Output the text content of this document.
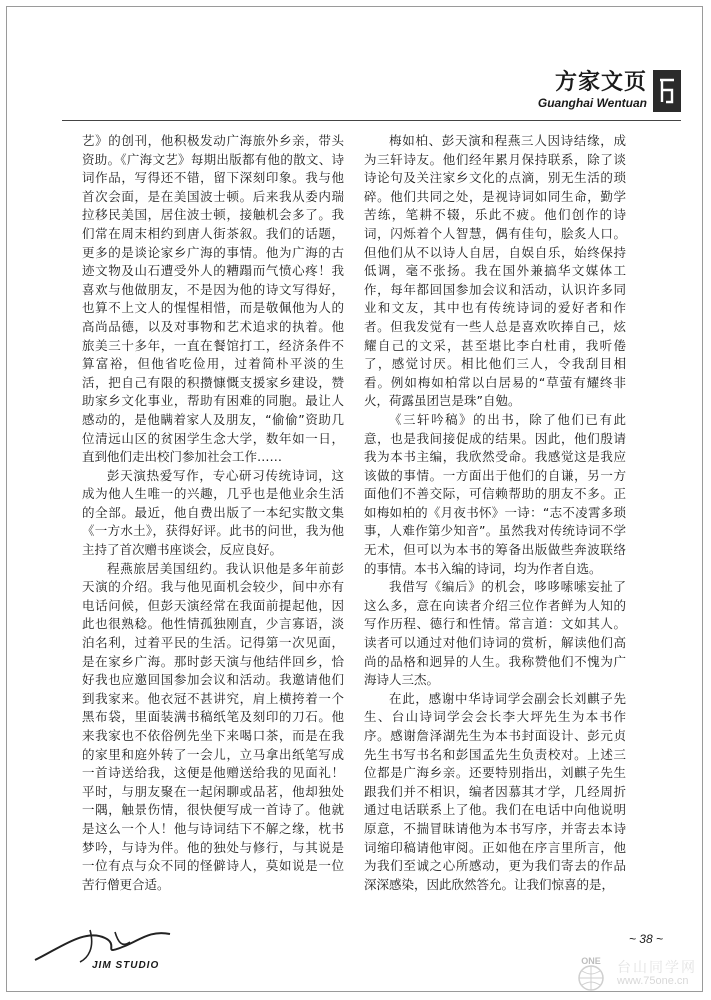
方家文页
Guanghai Wentuan

艺》的创刊，他积极发动广海旅外乡亲，带头资助。《广海文艺》每期出版都有他的散文、诗词作品，写得还不错，留下深刻印象。我与他首次会面，是在美国波士顿。后来我从委内瑞拉移民美国，居住波士顿，接触机会多了。我们常在周末相约到唐人街茶叙。我们的话题，更多的是谈论家乡广海的事情。他为广海的古迹文物及山石遭受外人的糟蹋而气愤心疼！我喜欢与他做朋友，不是因为他的诗文写得好，也算不上文人的惺惺相惜，而是敬佩他为人的高尚品德，以及对事物和艺术追求的执着。他旅美三十多年，一直在餐馆打工，经济条件不算富裕，但他省吃俭用，过着简朴平淡的生活，把自己有限的积攒慷慨支援家乡建设，赞助家乡文化事业，帮助有困难的同胞。最让人感动的，是他瞒着家人及朋友，“偷偷”资助几位清远山区的贫困学生念大学，数年如一日，直到他们走出校门参加社会工作……

彭天演热爱写作，专心研习传统诗词，这成为他人生唯一的兴趣，几乎也是他业余生活的全部。最近，他自费出版了一本纪实散文集《一方水土》，获得好评。此书的问世，我为他主持了首次赠书座谈会，反应良好。

程燕旅居美国纽约。我认识他是多年前彭天演的介绍。我与他见面机会较少，间中亦有电话问候，但彭天演经常在我面前提起他，因此也很熟稔。他性情孤独刚直，少言寡语，淡泊名利，过着平民的生活。记得第一次见面，是在家乡广海。那时彭天演与他结伴回乡，恰好我也应邀回国参加会议和活动。我邀请他们到我家来。他衣冠不甚讲究，肩上横挎着一个黑布袋，里面装满书稿纸笔及刻印的刀石。他来我家也不依俗例先坐下来喝口茶，而是在我的家里和庭外转了一会儿，立马拿出纸笔写成一首诗送给我，这便是他赠送给我的见面礼！平时，与朋友聚在一起闲聊或品茗，他却独处一隅，触景伤情，很快便写成一首诗了。他就是这么一个人！他与诗词结下不解之缘，枕书梦吟，与诗为伴。他的独处与修行，与其说是一位有点与众不同的怪僻诗人，莫如说是一位苦行僧更合适。

梅如柏、彭天演和程燕三人因诗结缘，成为三轩诗友。他们经年累月保持联系，除了谈诗论句及关注家乡文化的点滴，别无生活的琐碎。他们共同之处，是视诗词如同生命，勤学苦练，笔耕不辍，乐此不疲。他们创作的诗词，闪烁着个人智慧，偶有佳句，脍炙人口。但他们从不以诗人自居，自娱自乐，始终保持低调，毫不张扬。我在国外兼搞华文媒体工作，每年都回国参加会议和活动，认识许多同业和文友，其中也有传统诗词的爱好者和作者。但我发觉有一些人总是喜欢吹捧自己，炫耀自己的文采，甚至堪比李白杜甫，我听倦了，感觉讨厌。相比他们三人，令我刮目相看。例如梅如柏常以白居易的“草萤有耀终非火，荷露虽团岂是珠”自勉。

《三轩吟稿》的出书，除了他们已有此意，也是我间接促成的结果。因此，他们殷请我为本书主编，我欣然受命。我感觉这是我应该做的事情。一方面出于他们的自谦，另一方面他们不善交际，可信赖帮助的朋友不多。正如梅如柏的《月夜书怀》一诗：“志不凌霄多琐事，人难作第少知音”。虽然我对传统诗词不学无术，但可以为本书的筹备出版做些奔波联络的事情。本书入编的诗词，均为作者自选。

我借写《编后》的机会，哆哆嗦嗦妄扯了这么多，意在向读者介绍三位作者鲜为人知的写作历程、德行和性情。常言道：文如其人。读者可以通过对他们诗词的赏析，解读他们高尚的品格和迥异的人生。我称赞他们不愧为广海诗人三杰。

在此，感谢中华诗词学会副会长刘麒子先生、台山诗词学会会长李大坪先生为本书作序。感谢詹泽湖先生为本书封面设计、彭元贞先生书写书名和彭国孟先生负责校对。上述三位都是广海乡亲。还要特别指出，刘麒子先生跟我们并不相识，编者因慕其才学，几经周折通过电话联系上了他。我们在电话中向他说明原意，不揣冒昧请他为本书写序，并寄去本诗词缩印稿请他审阅。正如他在序言里所言，他为我们至诚之心所感动，更为我们寄去的作品深深感染，因此欣然答允。让我们惊喜的是，

~ 38 ~
JIM STUDIO	ONE 台山同学网
www.75one.cn
